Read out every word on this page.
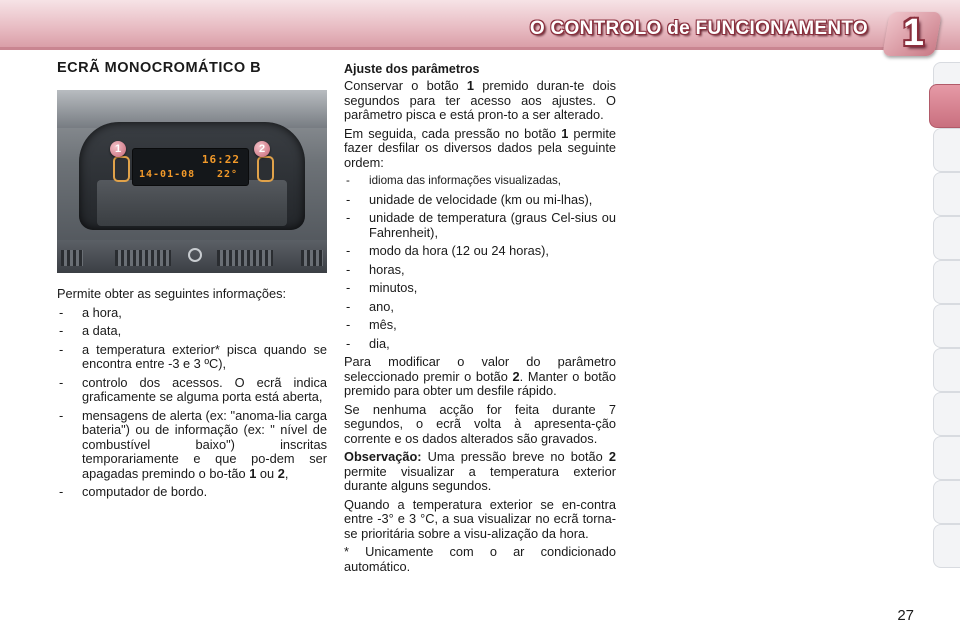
O CONTROLO de FUNCIONAMENTO 1
ECRÃ MONOCROMÁTICO B
16:22
14-01-08 22°
1	2

Permite obter as seguintes informações:

- a hora,
- a data,
- a temperatura exterior* pisca quando se encontra entre -3 e 3 ºC),
- controlo dos acessos. O ecrã indica graficamente se alguma porta está aberta,
- mensagens de alerta (ex: "anoma-lia carga bateria") ou de informação (ex: " nível de combustível baixo") inscritas temporariamente e que po-dem ser apagadas premindo o bo-tão 1 ou 2,
- computador de bordo.
Ajuste dos parâmetros

Conservar o botão 1 premido duran-te dois segundos para ter acesso aos ajustes. O parâmetro pisca e está pron-to a ser alterado.

Em seguida, cada pressão no botão 1 permite fazer desfilar os diversos dados pela seguinte ordem:

- idioma das informações visualizadas,
- unidade de velocidade (km ou mi-lhas),
- unidade de temperatura (graus Cel-sius ou Fahrenheit),
- modo da hora (12 ou 24 horas),
- horas,
- minutos,
- ano,
- mês,
- dia,

Para modificar o valor do parâmetro seleccionado premir o botão 2. Manter o botão premido para obter um desfile rápido.

Se nenhuma acção for feita durante 7 segundos, o ecrã volta à apresenta-ção corrente e os dados alterados são gravados.

Observação: Uma pressão breve no botão 2 permite visualizar a temperatura exterior durante alguns segundos.

Quando a temperatura exterior se en-contra entre -3° e 3 °C, a sua visualizar no ecrã torna-se prioritária sobre a visu-alização da hora.

* Unicamente com o ar condicionado automático.

27
